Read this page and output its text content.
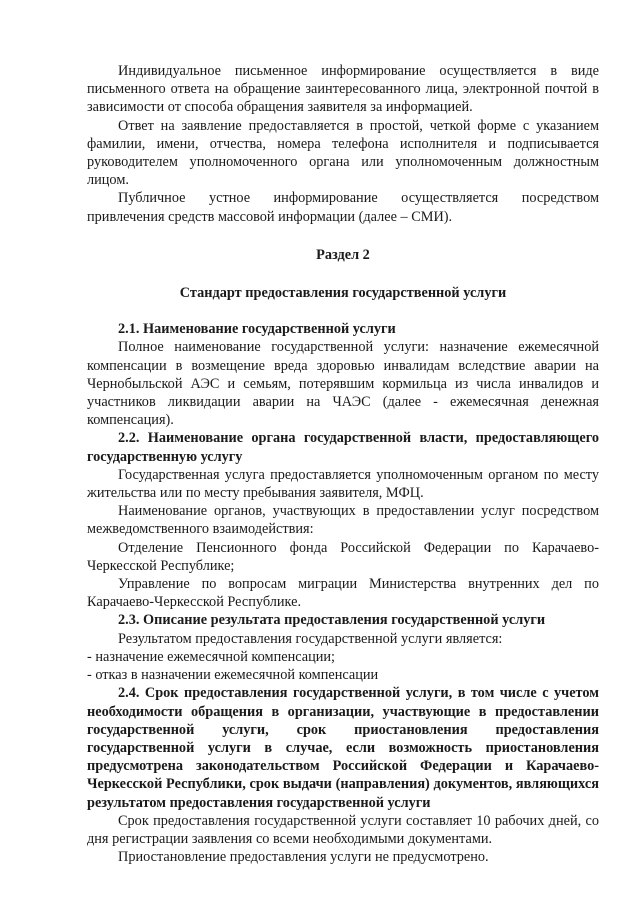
Индивидуальное письменное информирование осуществляется в виде письменного ответа на обращение заинтересованного лица, электронной почтой в зависимости от способа обращения заявителя за информацией.

Ответ на заявление предоставляется в простой, четкой форме с указанием фамилии, имени, отчества, номера телефона исполнителя и подписывается руководителем уполномоченного органа или уполномоченным должностным лицом.

Публичное устное информирование осуществляется посредством привлечения средств массовой информации (далее – СМИ).

Раздел 2

Стандарт предоставления государственной услуги

2.1. Наименование государственной услуги

Полное наименование государственной услуги: назначение ежемесячной компенсации в возмещение вреда здоровью инвалидам вследствие аварии на Чернобыльской АЭС и семьям, потерявшим кормильца из числа инвалидов и участников ликвидации аварии на ЧАЭС (далее - ежемесячная денежная компенсация).

2.2. Наименование органа государственной власти, предоставляющего государственную услугу

Государственная услуга предоставляется уполномоченным органом по месту жительства или по месту пребывания заявителя, МФЦ.

Наименование органов, участвующих в предоставлении услуг посредством межведомственного взаимодействия:

Отделение Пенсионного фонда Российской Федерации по Карачаево-Черкесской Республике;

Управление по вопросам миграции Министерства внутренних дел по Карачаево-Черкесской Республике.

2.3. Описание результата предоставления государственной услуги

Результатом предоставления государственной услуги является:

- назначение ежемесячной компенсации;

- отказ в назначении ежемесячной компенсации

2.4. Срок предоставления государственной услуги, в том числе с учетом необходимости обращения в организации, участвующие в предоставлении государственной услуги, срок приостановления предоставления государственной услуги в случае, если возможность приостановления предусмотрена законодательством Российской Федерации и Карачаево-Черкесской Республики, срок выдачи (направления) документов, являющихся результатом предоставления государственной услуги

Срок предоставления государственной услуги составляет 10 рабочих дней, со дня регистрации заявления со всеми необходимыми документами.

Приостановление предоставления услуги не предусмотрено.
